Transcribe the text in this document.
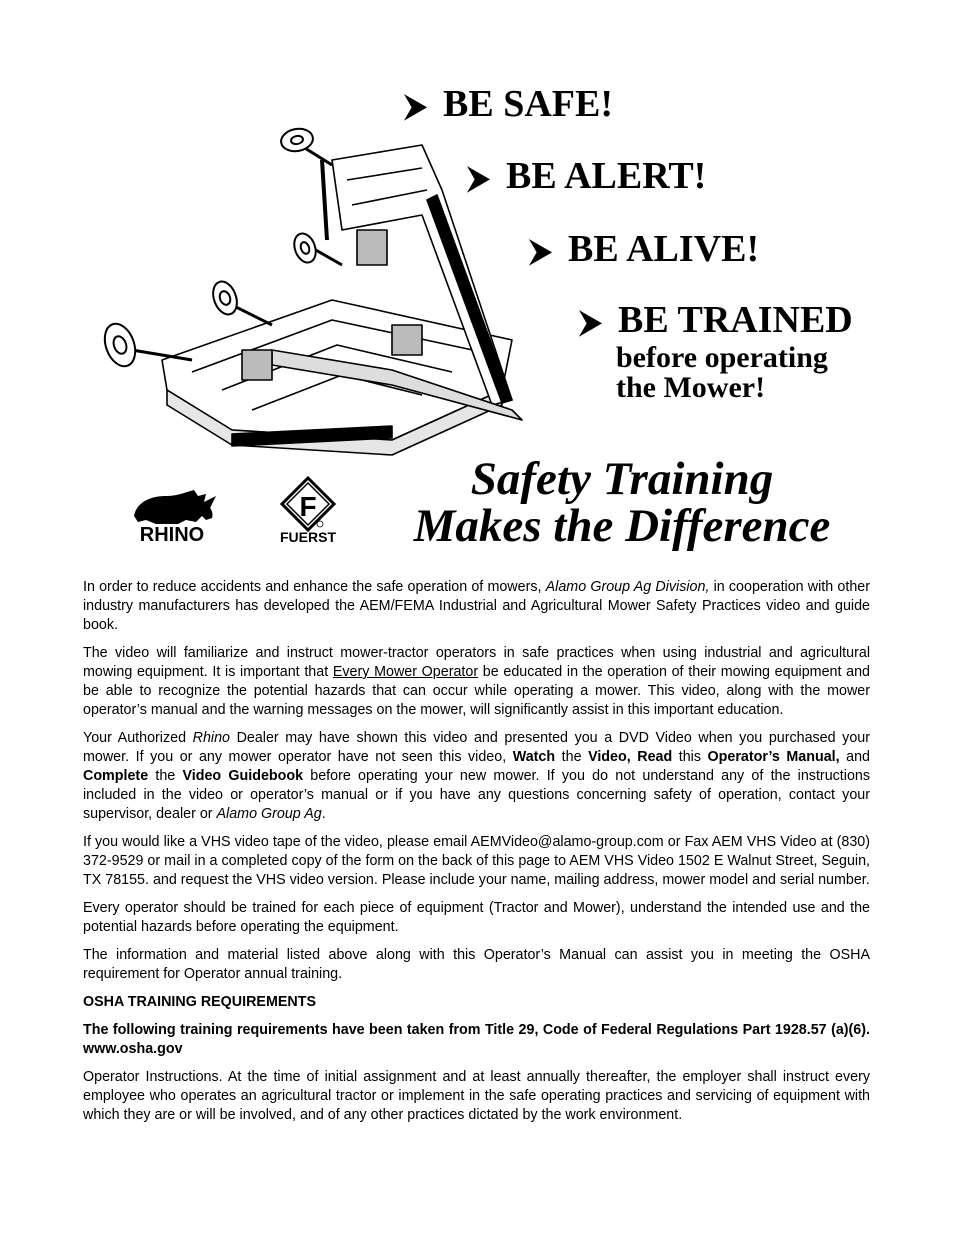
⮞ BE SAFE!
⮞ BE ALERT!
⮞ BE ALIVE!
⮞ BE TRAINED
before operating
the Mower!
RHINO
F
FUERST
Safety Training
Makes the Difference

In order to reduce accidents and enhance the safe operation of mowers, Alamo Group Ag Division, in cooperation with other industry manufacturers has developed the AEM/FEMA Industrial and Agricultural Mower Safety Practices video and guide book.

The video will familiarize and instruct mower-tractor operators in safe practices when using industrial and agricultural mowing equipment. It is important that Every Mower Operator be educated in the operation of their mowing equipment and be able to recognize the potential hazards that can occur while operating a mower. This video, along with the mower operator’s manual and the warning messages on the mower, will significantly assist in this important education.

Your Authorized Rhino Dealer may have shown this video and presented you a DVD Video when you purchased your mower. If you or any mower operator have not seen this video, Watch the Video, Read this Operator’s Manual, and Complete the Video Guidebook before operating your new mower. If you do not understand any of the instructions included in the video or operator’s manual or if you have any questions concerning safety of operation, contact your supervisor, dealer or Alamo Group Ag.

If you would like a VHS video tape of the video, please email AEMVideo@alamo-group.com or Fax AEM VHS Video at (830) 372-9529 or mail in a completed copy of the form on the back of this page to AEM VHS Video 1502 E Walnut Street, Seguin, TX 78155. and request the VHS video version. Please include your name, mailing address, mower model and serial number.

Every operator should be trained for each piece of equipment (Tractor and Mower), understand the intended use and the potential hazards before operating the equipment.

The information and material listed above along with this Operator’s Manual can assist you in meeting the OSHA requirement for Operator annual training.

OSHA TRAINING REQUIREMENTS

The following training requirements have been taken from Title 29, Code of Federal Regulations Part 1928.57 (a)(6). www.osha.gov

Operator Instructions. At the time of initial assignment and at least annually thereafter, the employer shall instruct every employee who operates an agricultural tractor or implement in the safe operating practices and servicing of equipment with which they are or will be involved, and of any other practices dictated by the work environment.
